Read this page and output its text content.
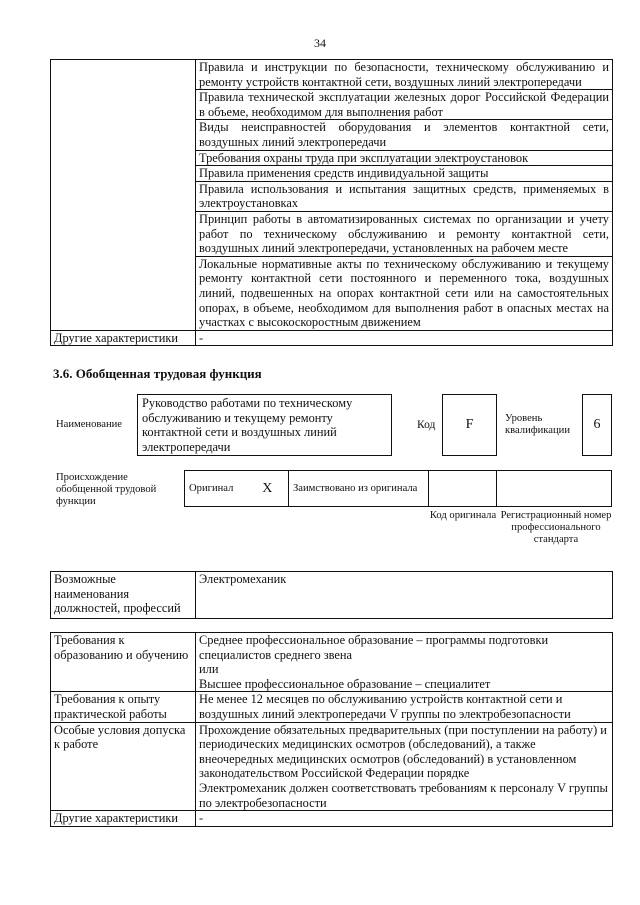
34
	Правила и инструкции по безопасности, техническому обслуживанию и ремонту устройств контактной сети, воздушных линий электропередачи
	Правила технической эксплуатации железных дорог Российской Федерации в объеме, необходимом для выполнения работ
	Виды неисправностей оборудования и элементов контактной сети, воздушных линий электропередачи
	Требования охраны труда при эксплуатации электроустановок
	Правила применения средств индивидуальной защиты
	Правила использования и испытания защитных средств, применяемых в электроустановках
	Принцип работы в автоматизированных системах по организации и учету работ по техническому обслуживанию и ремонту контактной сети, воздушных линий электропередачи, установленных на рабочем месте
	Локальные нормативные акты по техническому обслуживанию и текущему ремонту контактной сети постоянного и переменного тока, воздушных линий, подвешенных на опорах контактной сети или на самостоятельных опорах, в объеме, необходимом для выполнения работ в опасных местах на участках с высокоскоростным движением
Другие характеристики	-
3.6. Обобщенная трудовая функция
Наименование
Руководство работами по техническому обслуживанию и текущему ремонту контактной сети и воздушных линий электропередачи
Код	F	Уровень квалификации	6
Происхождение обобщенной трудовой функции
Оригинал	X	Заимствовано из оригинала		
Код оригинала Регистрационный номер профессионального стандарта
Возможные наименования должностей, профессий	Электромеханик
Требования к образованию и обучению	Среднее профессиональное образование – программы подготовки специалистов среднего звена
или
Высшее профессиональное образование – специалитет

Требования к опыту практической работы	Не менее 12 месяцев по обслуживанию устройств контактной сети и воздушных линий электропередачи V группы по электробезопасности
Особые условия допуска к работе	Прохождение обязательных предварительных (при поступлении на работу) и периодических медицинских осмотров (обследований), а также внеочередных медицинских осмотров (обследований) в установленном законодательством Российской Федерации порядке
Электромеханик должен соответствовать требованиям к персоналу V группы по электробезопасности

Другие характеристики	-
